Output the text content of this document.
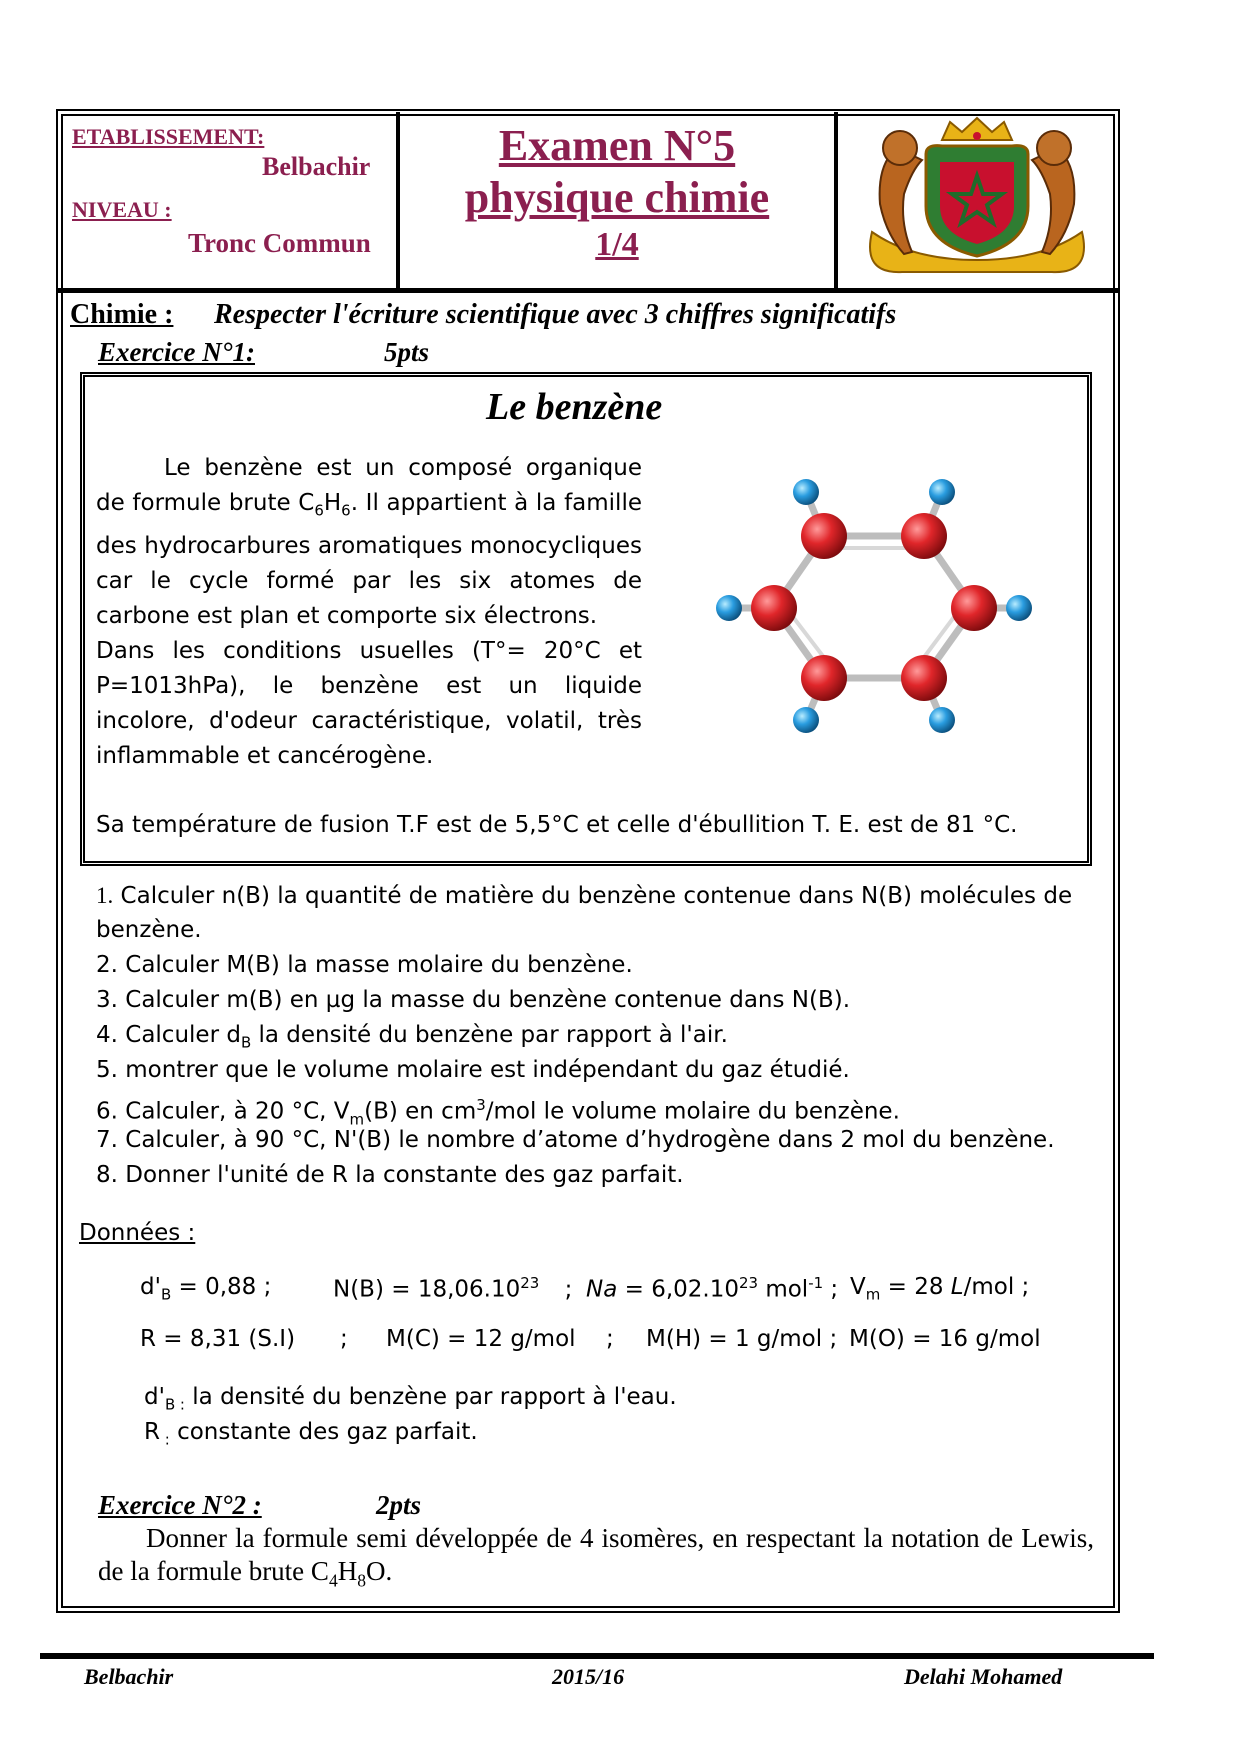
ETABLISSEMENT:
Belbachir
NIVEAU :
Tronc Commun
Examen N°5
physique chimie
1/4
Chimie : Respecter l'écriture scientifique avec 3 chiffres significatifs
Exercice N°1:	5pts
Le benzène

Le benzène est un composé organique de formule brute $C_6H_6$. Il appartient à la famille des hydrocarbures aromatiques monocycliques car le cycle formé par les six atomes de carbone est plan et comporte six électrons.

Dans les conditions usuelles (T°= 20°C et P=1013hPa), le benzène est un liquide incolore, d'odeur caractéristique, volatil, très inflammable et cancérogène.

Sa température de fusion T.F est de 5,5°C et celle d'ébullition T. E. est de 81 °C.
1. Calculer n(B) la quantité de matière du benzène contenue dans N(B) molécules de
benzène.
2. Calculer M(B) la masse molaire du benzène.
3. Calculer m(B) en µg la masse du benzène contenue dans N(B).
4. Calculer $d_B$ la densité du benzène par rapport à l'air.
5. montrer que le volume molaire est indépendant du gaz étudié.
6. Calculer, à 20 °C, $V_m(B)$ en $cm^3$/mol le volume molaire du benzène.
7. Calculer, à 90 °C, N'(B) le nombre d’atome d’hydrogène dans 2 mol du benzène.
8. Donner l'unité de R la constante des gaz parfait.
Données :
$d'_B = 0,88$ ;	$N(B) = 18,06.10^{23}$ ; $Na = 6,02.10^{23}$ mol$^{-1}$ ; $V_m = 28$ L/mol ;
R = 8,31 (S.I) ; M(C) = 12 g/mol ; M(H) = 1 g/mol ; M(O) = 16 g/mol
$d'_{B :}$ la densité du benzène par rapport à l'eau.
R $_:$ constante des gaz parfait.
Exercice N°2 :	2pts
Donner la formule semi développée de 4 isomères, en respectant la notation de Lewis, de la formule brute $C_4H_8O$.
Belbachir	2015/16	Delahi Mohamed
